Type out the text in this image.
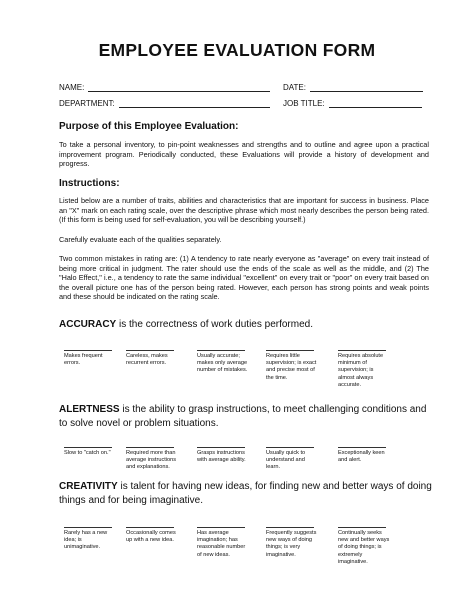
EMPLOYEE EVALUATION FORM
NAME:	DATE:
DEPARTMENT:	JOB TITLE:
Purpose of this Employee Evaluation:
To take a personal inventory, to pin-point weaknesses and strengths and to outline and agree upon a practical improvement program. Periodically conducted, these Evaluations will provide a history of development and progress.
Instructions:
Listed below are a number of traits, abilities and characteristics that are important for success in business. Place an "X" mark on each rating scale, over the descriptive phrase which most nearly describes the person being rated. (If this form is being used for self-evaluation, you will be describing yourself.)
Carefully evaluate each of the qualities separately.
Two common mistakes in rating are: (1) A tendency to rate nearly everyone as "average" on every trait instead of being more critical in judgment. The rater should use the ends of the scale as well as the middle, and (2) The "Halo Effect," i.e., a tendency to rate the same individual "excellent" on every trait or "poor" on every trait based on the overall picture one has of the person being rated. However, each person has strong points and weak points and these should be indicated on the rating scale.
ACCURACY is the correctness of work duties performed.
Makes frequent errors.
Careless, makes recurrent errors.
Usually accurate; makes only average number of mistakes.
Requires little supervision; is exact and precise most of the time.
Requires absolute minimum of supervision; is almost always accurate.
ALERTNESS is the ability to grasp instructions, to meet challenging conditions and to solve novel or problem situations.
Slow to "catch on."	Required more than average instructions and explanations.
Grasps instructions with average ability.
Usually quick to understand and learn.
Exceptionally keen and alert.
CREATIVITY is talent for having new ideas, for finding new and better ways of doing things and for being imaginative.
Rarely has a new idea; is unimaginative.
Occasionally comes up with a new idea.
Has average imagination; has reasonable number of new ideas.
Frequently suggests new ways of doing things; is very imaginative.
Continually seeks new and better ways of doing things; is extremely imaginative.
